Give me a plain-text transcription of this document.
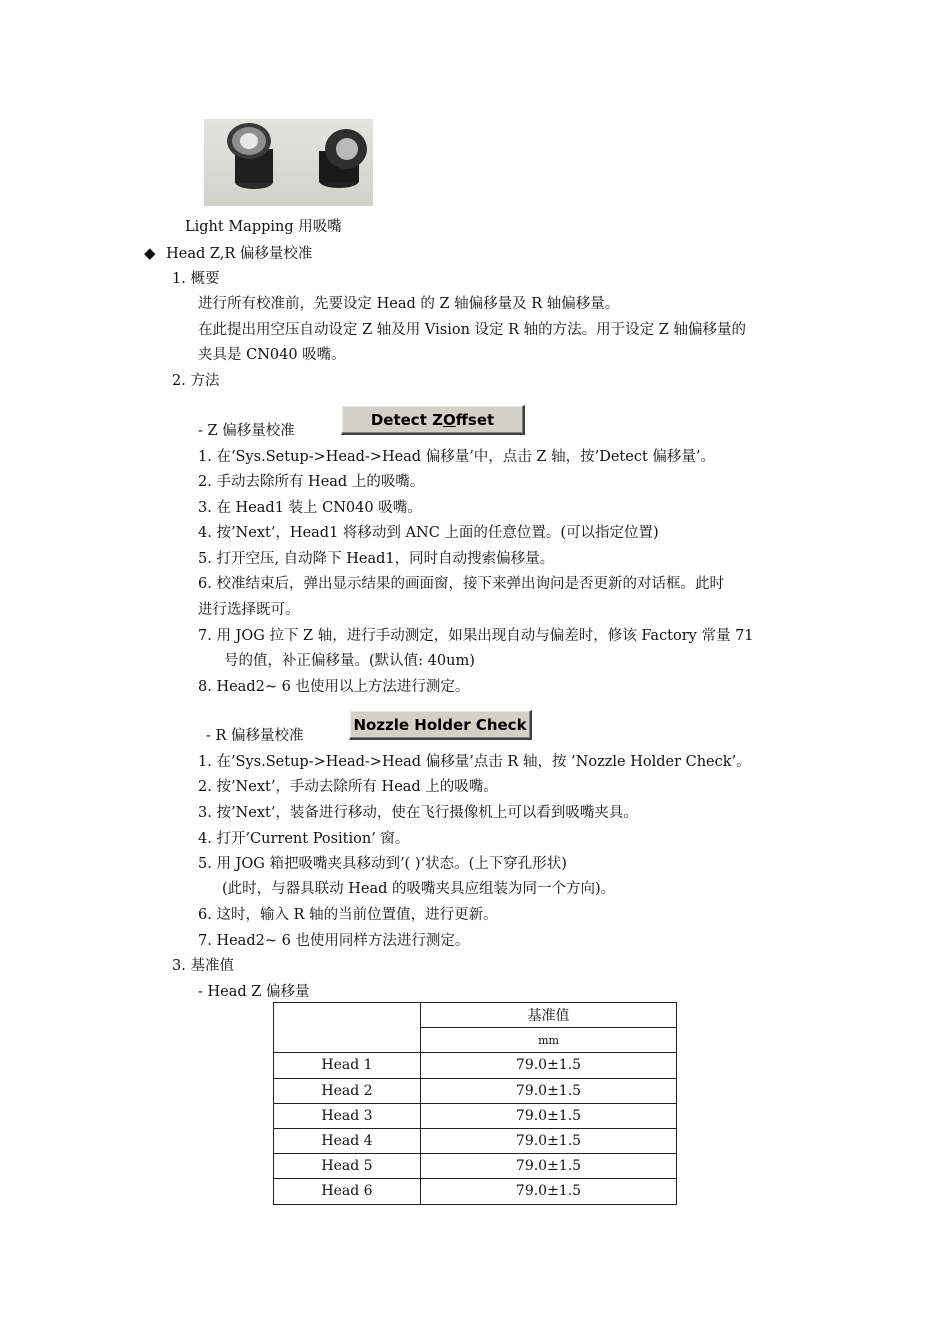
Light Mapping 用吸嘴
◆ Head Z,R 偏移量校准
1. 概要
进行所有校准前，先要设定 Head 的 Z 轴偏移量及 R 轴偏移量。
在此提出用空压自动设定 Z 轴及用 Vision 设定 R 轴的方法。用于设定 Z 轴偏移量的
夹具是 CN040 吸嘴。
2. 方法
- Z 偏移量校准
Detect Z O ffset
1. 在‘Sys.Setup->Head->Head 偏移量’中，点击 Z 轴，按’Detect 偏移量’。
2. 手动去除所有 Head 上的吸嘴。
3. 在 Head1 装上 CN040 吸嘴。
4. 按’Next’，Head1 将移动到 ANC 上面的任意位置。(可以指定位置)
5. 打开空压, 自动降下 Head1，同时自动搜索偏移量。
6. 校准结束后，弹出显示结果的画面窗，接下来弹出询问是否更新的对话框。此时
进行选择既可。
7. 用 JOG 拉下 Z 轴，进行手动测定，如果出现自动与偏差时，修该 Factory 常量 71
号的值，补正偏移量。(默认值: 40um)
8. Head2~ 6 也使用以上方法进行测定。
- R 偏移量校准
Nozzle Holder Check
1. 在’Sys.Setup->Head->Head 偏移量’点击 R 轴，按 ’Nozzle Holder Check’。
2. 按’Next’，手动去除所有 Head 上的吸嘴。
3. 按’Next’，装备进行移动，使在飞行摄像机上可以看到吸嘴夹具。
4. 打开’Current Position’ 窗。
5. 用 JOG 箱把吸嘴夹具移动到’( )’状态。(上下穿孔形状)
(此时，与器具联动 Head 的吸嘴夹具应组装为同一个方向)。
6. 这时，输入 R 轴的当前位置值，进行更新。
7. Head2~ 6 也使用同样方法进行测定。
3. 基准值
- Head Z 偏移量
	基准值
	mm
Head 1	79.0±1.5
Head 2	79.0±1.5
Head 3	79.0±1.5
Head 4	79.0±1.5
Head 5	79.0±1.5
Head 6	79.0±1.5
